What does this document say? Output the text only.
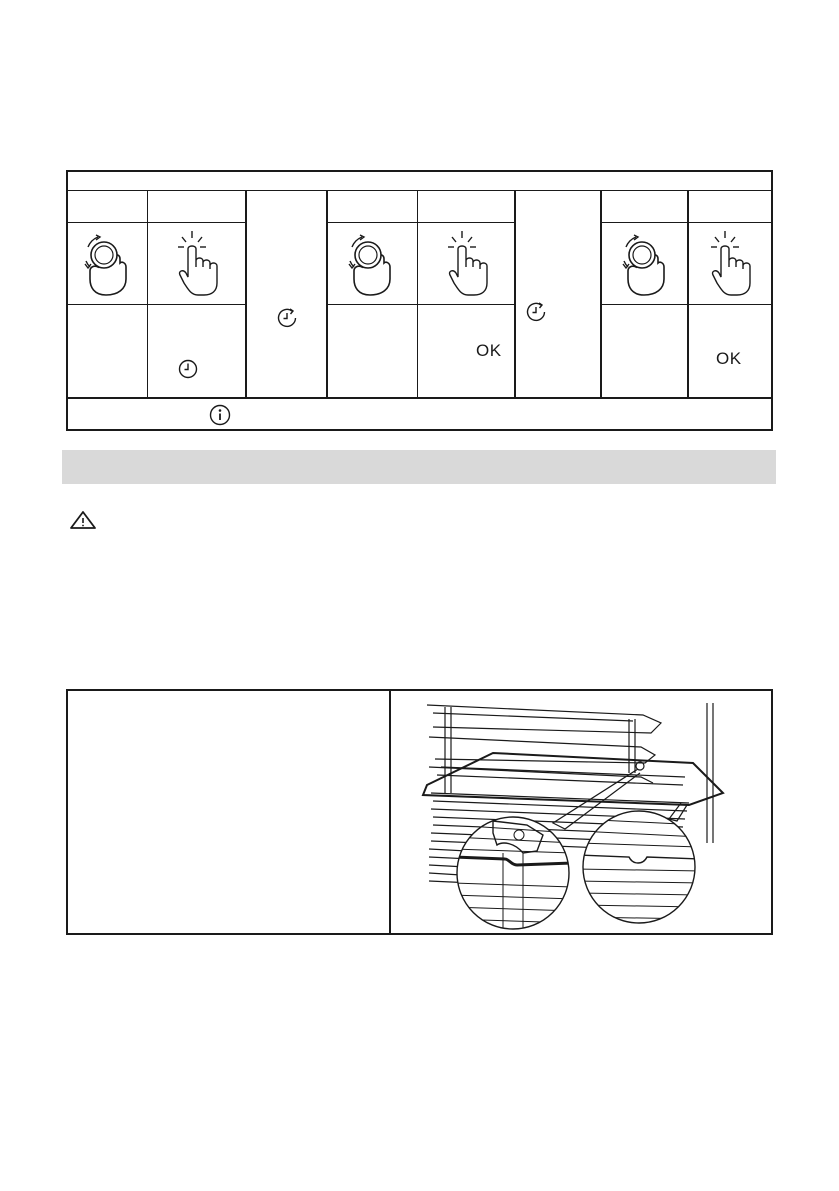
OK	OK
